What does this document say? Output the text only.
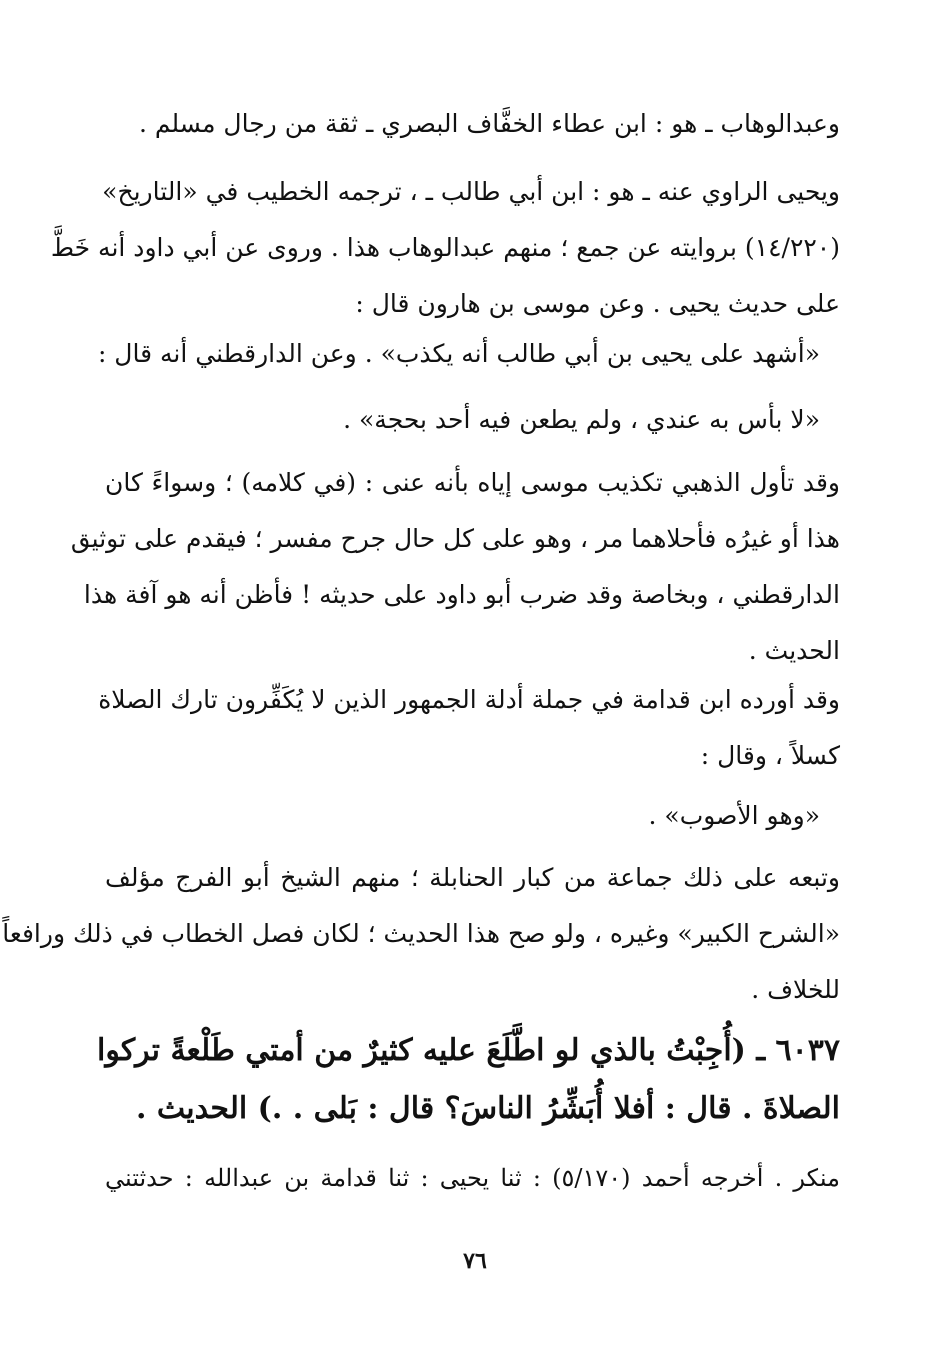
وعبدالوهاب ـ هو : ابن عطاء الخفَّاف البصري ـ ثقة من رجال مسلم .
ويحيى الراوي عنه ـ هو : ابن أبي طالب ـ ، ترجمه الخطيب في «التاريخ»
(١٤/٢٢٠) بروايته عن جمع ؛ منهم عبدالوهاب هذا . وروى عن أبي داود أنه خَطَّ
على حديث يحيى . وعن موسى بن هارون قال :
«أشهد على يحيى بن أبي طالب أنه يكذب» . وعن الدارقطني أنه قال :
«لا بأس به عندي ، ولم يطعن فيه أحد بحجة» .
وقد تأول الذهبي تكذيب موسى إياه بأنه عنى : (في كلامه) ؛ وسواءً كان
هذا أو غيرُه فأحلاهما مر ، وهو على كل حال جرح مفسر ؛ فيقدم على توثيق
الدارقطني ، وبخاصة وقد ضرب أبو داود على حديثه ! فأظن أنه هو آفة هذا
الحديث .
وقد أورده ابن قدامة في جملة أدلة الجمهور الذين لا يُكَفِّرون تارك الصلاة
كسلاً ، وقال :
«وهو الأصوب» .
وتبعه على ذلك جماعة من كبار الحنابلة ؛ منهم الشيخ أبو الفرج مؤلف
«الشرح الكبير» وغيره ، ولو صح هذا الحديث ؛ لكان فصل الخطاب في ذلك ورافعاً
للخلاف .
٦٠٣٧ ـ (أُجِبْتُ بالذي لو اطَّلَعَ عليه كثيرٌ من أمتي طَلْعةً تركوا
الصلاةَ . قال : أفلا أُبَشِّرُ الناسَ؟ قال : بَلى . .) الحديث .
منكر . أخرجه أحمد (٥/١٧٠) : ثنا يحيى : ثنا قدامة بن عبدالله : حدثتني
٧٦
